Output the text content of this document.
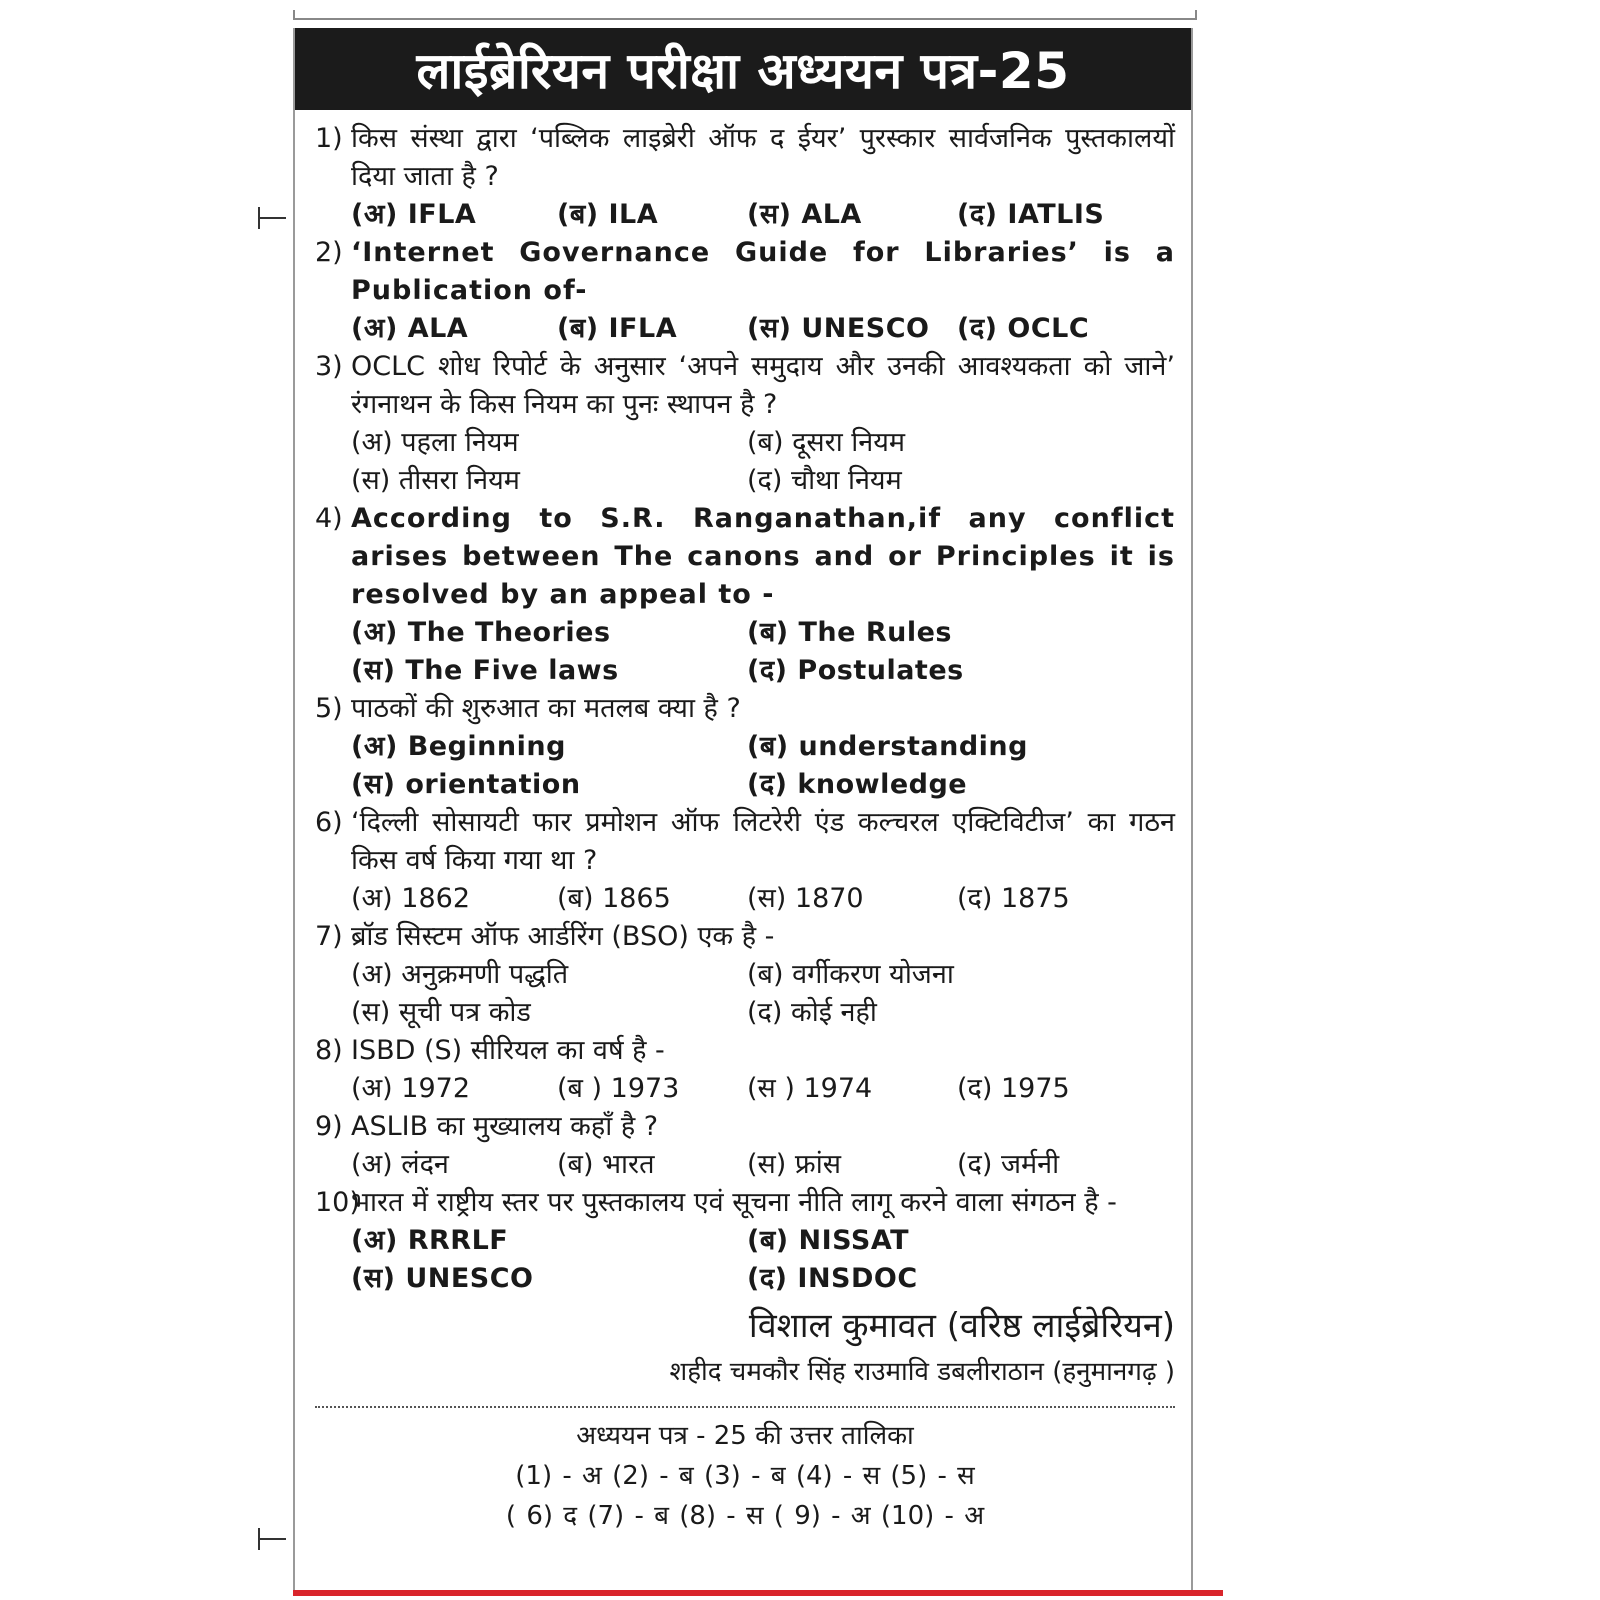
लाईब्रेरियन परीक्षा अध्ययन पत्र-25
1) किस संस्था द्वारा ‘पब्लिक लाइब्रेरी ऑफ द ईयर’ पुरस्कार सार्वजनिक पुस्तकालयों दिया जाता है ?
(अ) IFLA	(ब) ILA	(स) ALA	(द) IATLIS
2) ‘Internet Governance Guide for Libraries’ is a Publication of-
(अ) ALA	(ब) IFLA	(स) UNESCO	(द) OCLC
3) OCLC शोध रिपोर्ट के अनुसार ‘अपने समुदाय और उनकी आवश्यकता को जाने’ रंगनाथन के किस नियम का पुनः स्थापन है ?
(अ) पहला नियम	(ब) दूसरा नियम
(स) तीसरा नियम	(द) चौथा नियम
4) According to S.R. Ranganathan,if any conflict arises between The canons and or Principles it is resolved by an appeal to -
(अ) The Theories	(ब) The Rules
(स) The Five laws	(द) Postulates
5) पाठकों की शुरुआत का मतलब क्या है ?
(अ) Beginning	(ब) understanding
(स) orientation	(द) knowledge
6) ‘दिल्ली सोसायटी फार प्रमोशन ऑफ लिटरेरी एंड कल्चरल एक्टिविटीज’ का गठन किस वर्ष किया गया था ?
(अ) 1862	(ब) 1865	(स) 1870	(द) 1875
7) ब्रॉड सिस्टम ऑफ आर्डरिंग (BSO) एक है -
(अ) अनुक्रमणी पद्धति	(ब) वर्गीकरण योजना
(स) सूची पत्र कोड	(द) कोई नही
8) ISBD (S) सीरियल का वर्ष है -
(अ) 1972	(ब ) 1973	(स ) 1974	(द) 1975
9) ASLIB का मुख्यालय कहाँ है ?
(अ) लंदन	(ब) भारत	(स) फ्रांस	(द) जर्मनी
10)
भारत में राष्ट्रीय स्तर पर पुस्तकालय एवं सूचना नीति लागू करने वाला संगठन है -
(अ) RRRLF	(ब) NISSAT
(स) UNESCO	(द) INSDOC
विशाल कुमावत (वरिष्ठ लाईब्रेरियन)
शहीद चमकौर सिंह राउमावि डबलीराठान (हनुमानगढ़ )
अध्ययन पत्र - 25 की उत्तर तालिका
(1) - अ (2) - ब (3) - ब (4) - स (5) - स
( 6) द (7) - ब (8) - स ( 9) - अ (10) - अ
